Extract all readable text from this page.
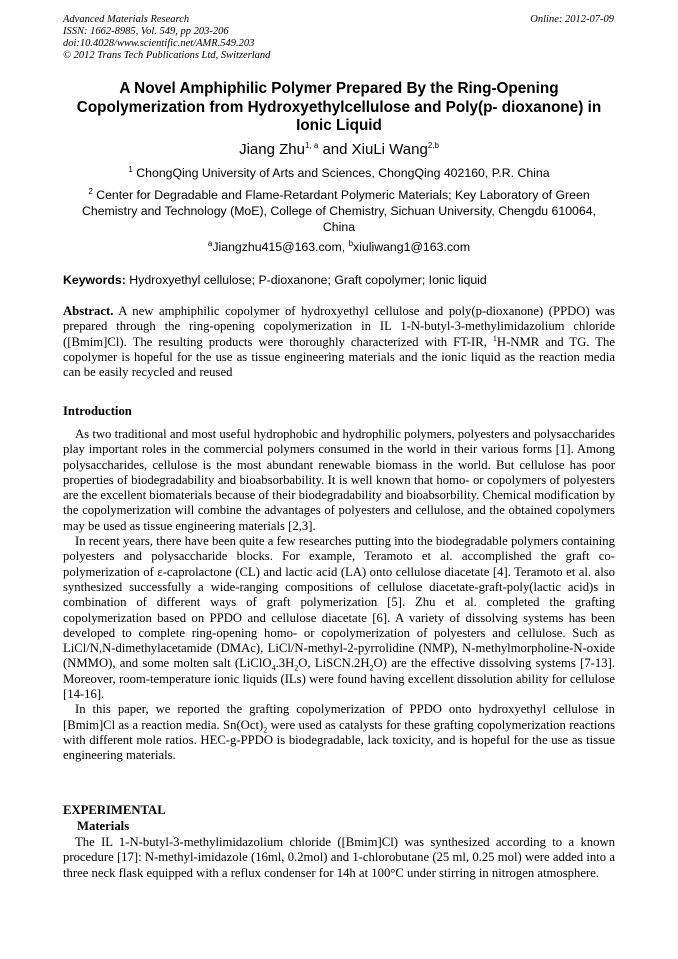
Advanced Materials Research
ISSN: 1662-8985, Vol. 549, pp 203-206
doi:10.4028/www.scientific.net/AMR.549.203
© 2012 Trans Tech Publications Ltd, Switzerland
Online: 2012-07-09
A Novel Amphiphilic Polymer Prepared By the Ring-Opening Copolymerization from Hydroxyethylcellulose and Poly(p- dioxanone) in Ionic Liquid
Jiang Zhu$^{1, a}$ and XiuLi Wang$^{2,b}$
$^1$ ChongQing University of Arts and Sciences, ChongQing 402160, P.R. China
$^2$ Center for Degradable and Flame-Retardant Polymeric Materials; Key Laboratory of Green Chemistry and Technology (MoE), College of Chemistry, Sichuan University, Chengdu 610064, China
$^a$Jiangzhu415@163.com, $^b$xiuliwang1@163.com
Keywords: Hydroxyethyl cellulose; P-dioxanone; Graft copolymer; Ionic liquid
Abstract. A new amphiphilic copolymer of hydroxyethyl cellulose and poly(p-dioxanone) (PPDO) was prepared through the ring-opening copolymerization in IL 1-N-butyl-3-methylimidazolium chloride ([Bmim]Cl). The resulting products were thoroughly characterized with FT-IR, $^1$H-NMR and TG. The copolymer is hopeful for the use as tissue engineering materials and the ionic liquid as the reaction media can be easily recycled and reused
Introduction

As two traditional and most useful hydrophobic and hydrophilic polymers, polyesters and polysaccharides play important roles in the commercial polymers consumed in the world in their various forms [1]. Among polysaccharides, cellulose is the most abundant renewable biomass in the world. But cellulose has poor properties of biodegradability and bioabsorbability. It is well known that homo- or copolymers of polyesters are the excellent biomaterials because of their biodegradability and bioabsorbility. Chemical modification by the copolymerization will combine the advantages of polyesters and cellulose, and the obtained copolymers may be used as tissue engineering materials [2,3].

In recent years, there have been quite a few researches putting into the biodegradable polymers containing polyesters and polysaccharide blocks. For example, Teramoto et al. accomplished the graft co-polymerization of ε-caprolactone (CL) and lactic acid (LA) onto cellulose diacetate [4]. Teramoto et al. also synthesized successfully a wide-ranging compositions of cellulose diacetate-graft-poly(lactic acid)s in combination of different ways of graft polymerization [5]. Zhu et al. completed the grafting copolymerization based on PPDO and cellulose diacetate [6]. A variety of dissolving systems has been developed to complete ring-opening homo- or copolymerization of polyesters and cellulose. Such as LiCl/N,N-dimethylacetamide (DMAc), LiCl/N-methyl-2-pyrrolidine (NMP), N-methylmorpholine-N-oxide (NMMO), and some molten salt ($LiClO_4.3H_2O$, $LiSCN.2H_2O$) are the effective dissolving systems [7-13]. Moreover, room-temperature ionic liquids (ILs) were found having excellent dissolution ability for cellulose [14-16].

In this paper, we reported the grafting copolymerization of PPDO onto hydroxyethyl cellulose in [Bmim]Cl as a reaction media. $Sn(Oct)_2$ were used as catalysts for these grafting copolymerization reactions with different mole ratios. HEC-g-PPDO is biodegradable, lack toxicity, and is hopeful for the use as tissue engineering materials.

EXPERIMENTAL
Materials

The IL 1-N-butyl-3-methylimidazolium chloride ([Bmim]Cl) was synthesized according to a known procedure [17]: N-methyl-imidazole (16ml, 0.2mol) and 1-chlorobutane (25 ml, 0.25 mol) were added into a three neck flask equipped with a reflux condenser for 14h at 100°C under stirring in nitrogen atmosphere.
